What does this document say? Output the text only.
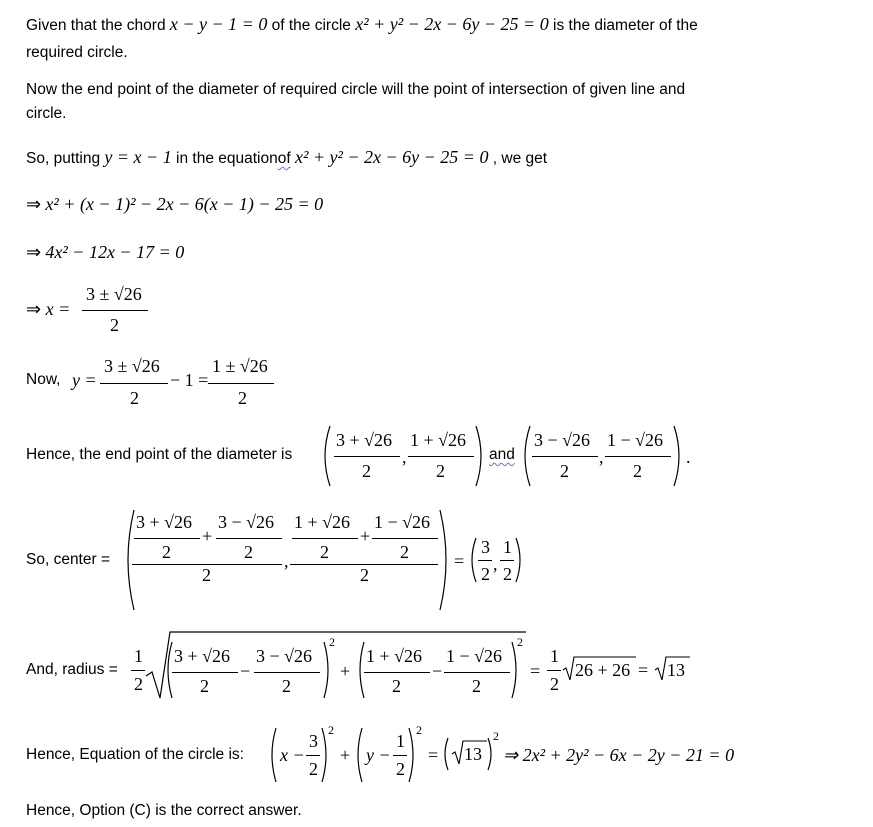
Given that the chord x − y − 1 = 0 of the circle x² + y² − 2x − 6y − 25 = 0 is the diameter of the
required circle.
Now the end point of the diameter of required circle will the point of intersection of given line and
circle.
So, putting y = x − 1 in the equationof x² + y² − 2x − 6y − 25 = 0 , we get
⇒ x² + (x − 1)² − 2x − 6(x − 1) − 25 = 0
⇒ 4x² − 12x − 17 = 0
⇒ x =
3 ± √26
2
Now, y =
3 ± √26
2
− 1 =
1 ± √26
2
Hence, the end point of the diameter is
3 + √26
2
,
1 + √26
2
and
3 − √26
2
,
1 − √26
2
.
So, center =
3 + √26
2
+
3 − √26
2
2
,
1 + √26
2
+
1 − √26
2
2
=
3
2 ,
1
2
And, radius =
1
2
3 + √26
2
−
3 − √26
2
2
+
1 + √26
2
−
1 − √26
2
2
=
1
2
26 + 26 = 13
Hence, Equation of the circle is: x −
3
2
2
+ y −
1
2
2
= 13
2
⇒ 2x² + 2y² − 6x − 2y − 21 = 0
Hence, Option (C) is the correct answer.
